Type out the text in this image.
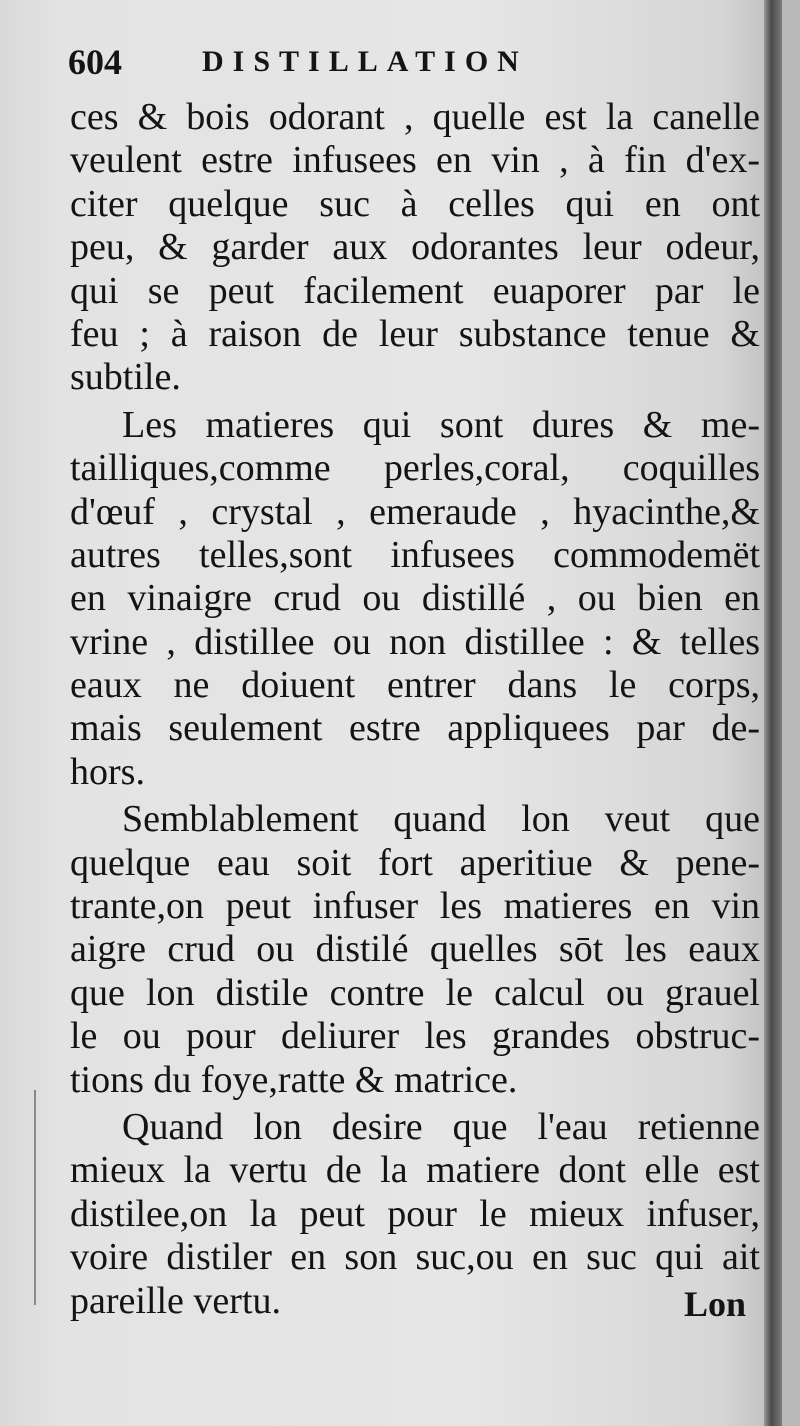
604	DISTILLATION
ces & bois odorant , quelle est la canelle
veulent estre infusees en vin , à fin d'ex-
citer quelque suc à celles qui en ont
peu, & garder aux odorantes leur odeur,
qui se peut facilement euaporer par le
feu ; à raison de leur substance tenue &
subtile.
Les matieres qui sont dures & me-
tailliques,comme perles,coral, coquilles
d'œuf , crystal , emeraude , hyacinthe,&
autres telles,sont infusees commodemët
en vinaigre crud ou distillé , ou bien en
vrine , distillee ou non distillee : & telles
eaux ne doiuent entrer dans le corps,
mais seulement estre appliquees par de-
hors.
Semblablement quand lon veut que
quelque eau soit fort aperitiue & pene-
trante,on peut infuser les matieres en vin
aigre crud ou distilé quelles sōt les eaux
que lon distile contre le calcul ou grauel
le ou pour deliurer les grandes obstruc-
tions du foye,ratte & matrice.
Quand lon desire que l'eau retienne
mieux la vertu de la matiere dont elle est
distilee,on la peut pour le mieux infuser,
voire distiler en son suc,ou en suc qui ait
pareille vertu.	Lon
